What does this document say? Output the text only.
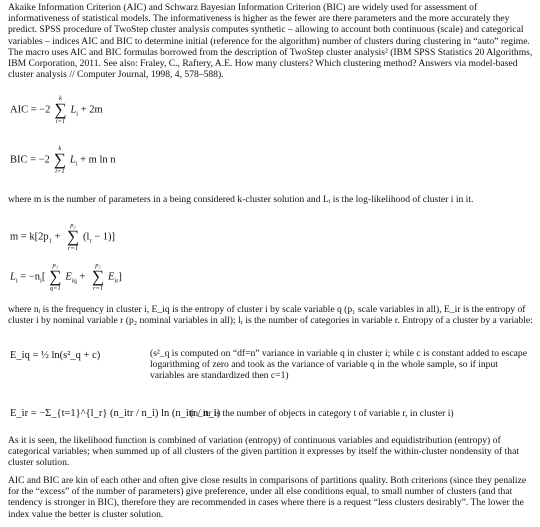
Akaike Information Criterion (AIC) and Schwarz Bayesian Information Criterion (BIC) are widely used for assessment of informativeness of statistical models. The informativeness is higher as the fewer are there parameters and the more accurately they predict. SPSS procedure of TwoStep cluster analysis computes synthetic – allowing to account both continuous (scale) and categorical variables – indices AIC and BIC to determine initial (reference for the algorithm) number of clusters during clustering in “auto” regime. The macro uses AIC and BIC formulas borrowed from the description of TwoStep cluster analysis² (IBM SPSS Statistics 20 Algorithms, IBM Corporation, 2011. See also: Fraley, C., Raftery, A.E. How many clusters? Which clustering method? Answers via model-based cluster analysis // Computer Journal, 1998, 4, 578–588).

AIC = −2
k
∑
i=1
$L_i + 2m$
BIC = −2
k
∑
i=1
$L_i + m$ ln n

where m is the number of parameters in a being considered k-cluster solution and Lᵢ is the log-likelihood of cluster i in it.

$m = k[2p_1$ +
p₂
∑
r=1
$(l_r - 1)$]
$L_i = -n_i$[
p₁
∑
q=1
$E_{iq}$ +
p₂
∑
r=1
$E_{ir}$]

where nᵢ is the frequency in cluster i, E_iq is the entropy of cluster i by scale variable q (p₁ scale variables in all), E_ir is the entropy of cluster i by nominal variable r (p₂ nominal variables in all); lᵣ is the number of categories in variable r. Entropy of a cluster by a variable:

E_iq = ½ ln(s²_q + c)	(s²_q is computed on “df=n” variance in variable q in cluster i; while c is constant added to escape logarithming of zero and took as the variance of variable q in the whole sample, so if input variables are standardized then c=1)
E_ir = −Σ_{t=1}^{l_r} (n_itr / n_i) ln (n_itr / n_i)
(n_itr is the number of objects in category t of variable r, in cluster i)

As it is seen, the likelihood function is combined of variation (entropy) of continuous variables and equidistribution (entropy) of categorical variables; when summed up of all clusters of the given partition it expresses by itself the within-cluster nondensity of that cluster solution.

AIC and BIC are kin of each other and often give close results in comparisons of partitions quality. Both criterions (since they penalize for the “excess” of the number of parameters) give preference, under all else conditions equal, to small number of clusters (and that tendency is stronger in BIC), therefore they are recommended in cases where there is a request “less clusters desirably”. The lower the index value the better is cluster solution.
